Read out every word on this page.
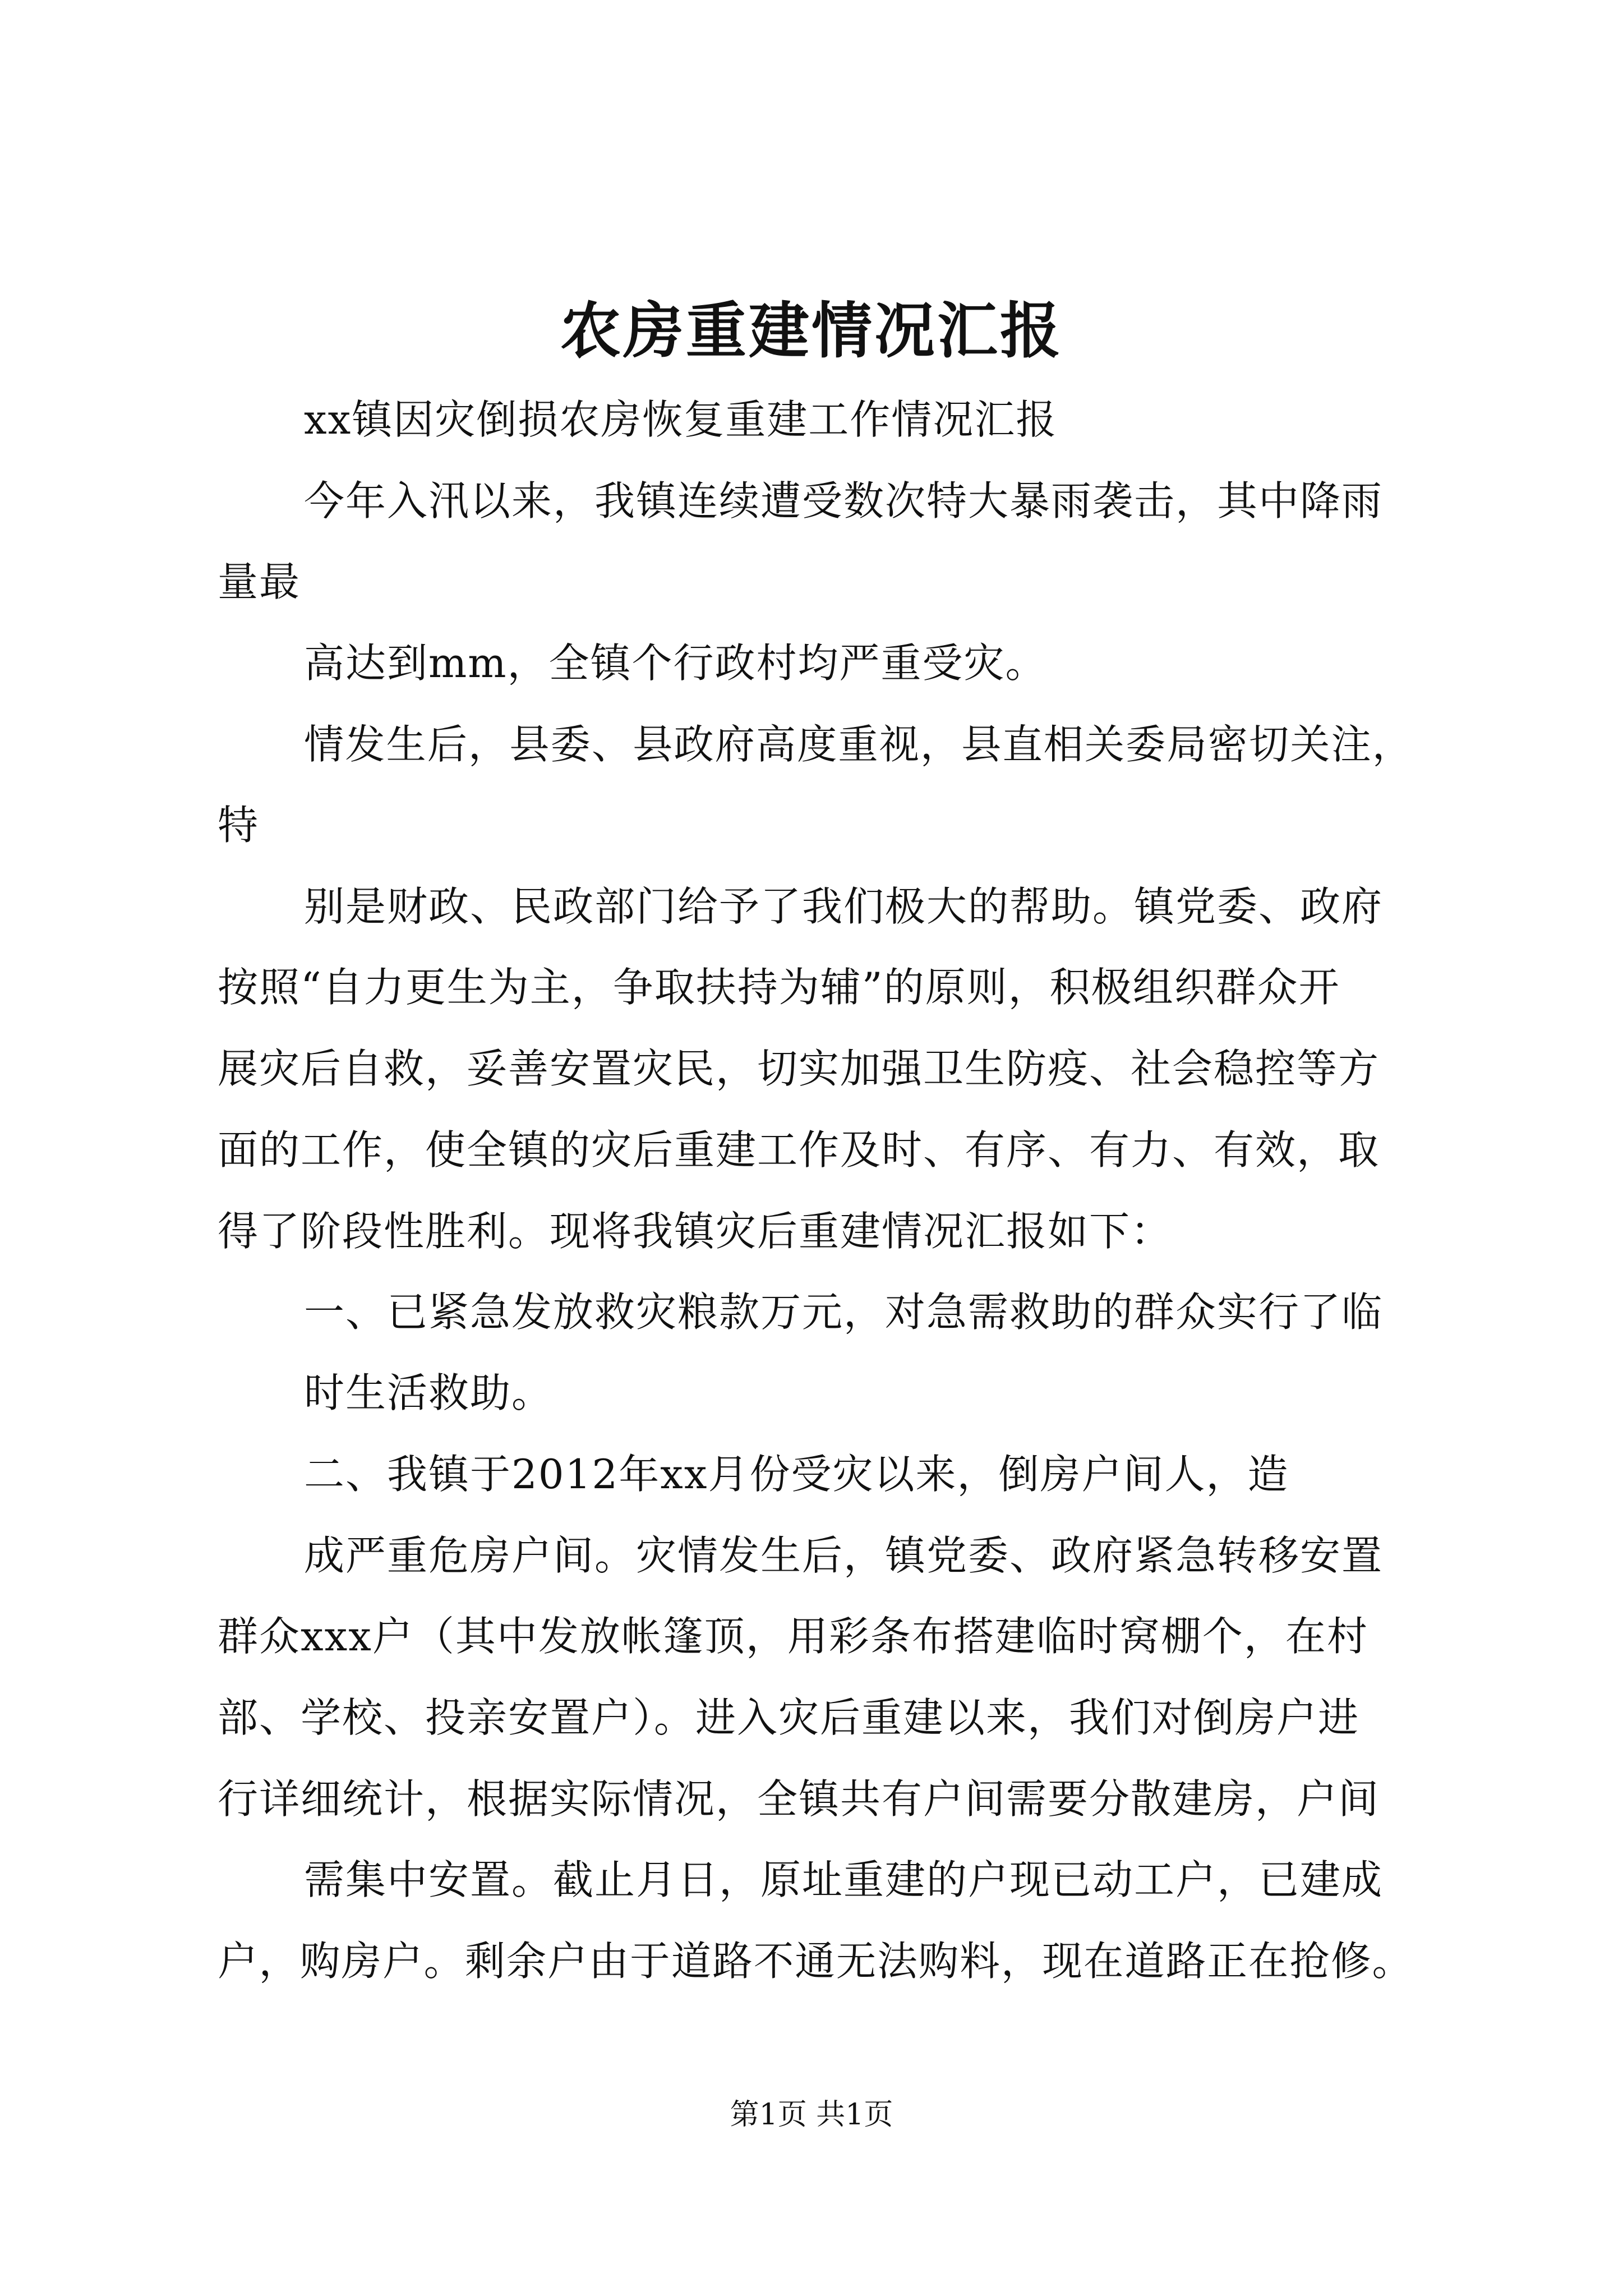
农房重建情况汇报
xx镇因灾倒损农房恢复重建工作情况汇报
今年入汛以来，我镇连续遭受数次特大暴雨袭击，其中降雨
量最
高达到mm，全镇个行政村均严重受灾。
情发生后，县委、县政府高度重视，县直相关委局密切关注，
特
别是财政、民政部门给予了我们极大的帮助。镇党委、政府
按照“自力更生为主，争取扶持为辅”的原则，积极组织群众开
展灾后自救，妥善安置灾民，切实加强卫生防疫、社会稳控等方
面的工作，使全镇的灾后重建工作及时、有序、有力、有效，取
得了阶段性胜利。现将我镇灾后重建情况汇报如下：
一、已紧急发放救灾粮款万元，对急需救助的群众实行了临
时生活救助。
二、我镇于2012年xx月份受灾以来，倒房户间人，造
成严重危房户间。灾情发生后，镇党委、政府紧急转移安置
群众xxx户（其中发放帐篷顶，用彩条布搭建临时窝棚个，在村
部、学校、投亲安置户）。进入灾后重建以来，我们对倒房户进
行详细统计，根据实际情况，全镇共有户间需要分散建房，户间
需集中安置。截止月日，原址重建的户现已动工户，已建成
户，购房户。剩余户由于道路不通无法购料，现在道路正在抢修。
第1页 共1页
